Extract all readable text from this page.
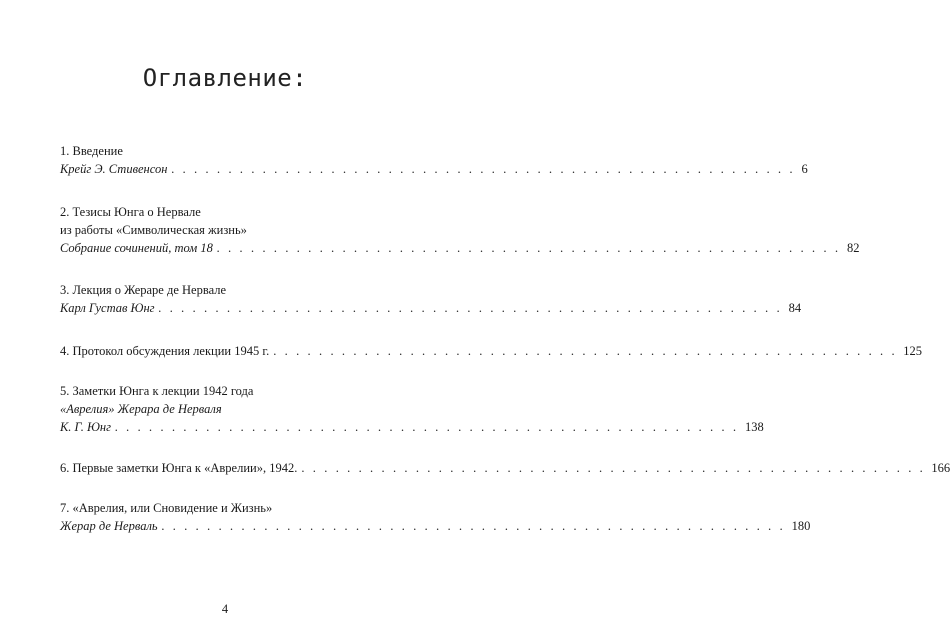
Оглавление:
1. Введение
Крейг Э. Стивенсон . . . . . . . . . . . . . . . . . . . . . . . . . . . . . . . . . . . . . . . . . . . . . . . . . . . . . . . 6
2. Тезисы Юнга о Нервале
из работы «Символическая жизнь»
Собрание сочинений, том 18 . . . . . . . . . . . . . . . . . . . . . . . . . . . . . . . . . . . . . . . . . . . . . . . . . . . . . . . 82
3. Лекция о Жераре де Нервале
Карл Густав Юнг . . . . . . . . . . . . . . . . . . . . . . . . . . . . . . . . . . . . . . . . . . . . . . . . . . . . . . . 84
4. Протокол обсуждения лекции 1945 г. . . . . . . . . . . . . . . . . . . . . . . . . . . . . . . . . . . . . . . . . . . . . . . . . . . . . . . . 125
5. Заметки Юнга к лекции 1942 года
«Аврелия» Жерара де Нерваля
К. Г. Юнг . . . . . . . . . . . . . . . . . . . . . . . . . . . . . . . . . . . . . . . . . . . . . . . . . . . . . . . 138
6. Первые заметки Юнга к «Аврелии», 1942. . . . . . . . . . . . . . . . . . . . . . . . . . . . . . . . . . . . . . . . . . . . . . . . . . . . . . . . 166
7. «Аврелия, или Сновидение и Жизнь»
Жерар де Нерваль . . . . . . . . . . . . . . . . . . . . . . . . . . . . . . . . . . . . . . . . . . . . . . . . . . . . . . . 180
4
